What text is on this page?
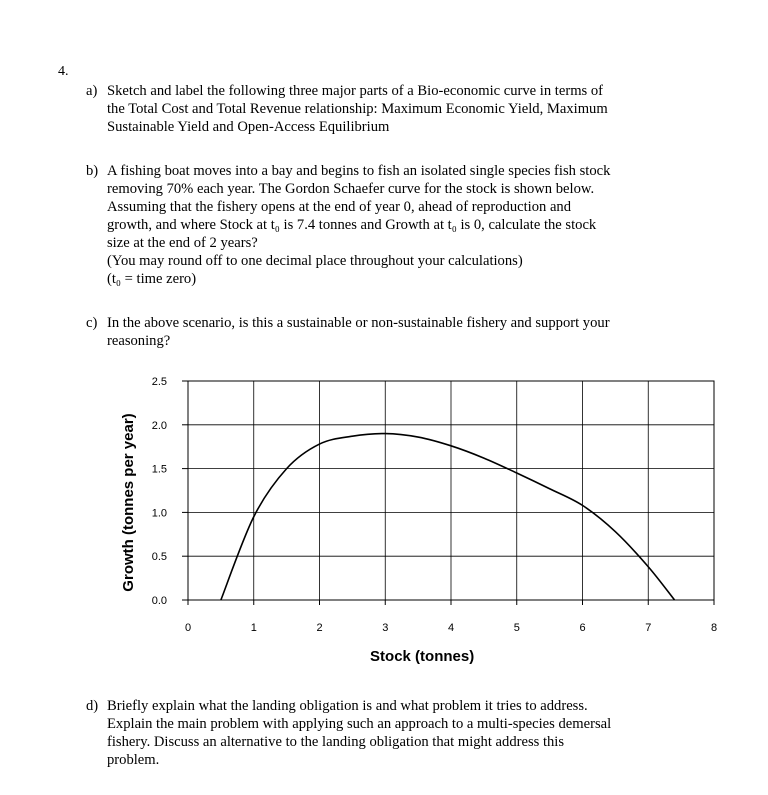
4.
a) Sketch and label the following three major parts of a Bio-economic curve in terms of
the Total Cost and Total Revenue relationship: Maximum Economic Yield, Maximum
Sustainable Yield and Open-Access Equilibrium
b) A fishing boat moves into a bay and begins to fish an isolated single species fish stock
removing 70% each year. The Gordon Schaefer curve for the stock is shown below.
Assuming that the fishery opens at the end of year 0, ahead of reproduction and
growth, and where Stock at t₀ is 7.4 tonnes and Growth at t₀ is 0, calculate the stock
size at the end of 2 years?
(You may round off to one decimal place throughout your calculations)
(t₀ = time zero)
c) In the above scenario, is this a sustainable or non-sustainable fishery and support your
reasoning?
0	1	2	3	4	5	6	7	8
0.0
0.5
1.0
1.5
2.0
2.5
Stock (tonnes)
Growth (tonnes per year)
d) Briefly explain what the landing obligation is and what problem it tries to address.
Explain the main problem with applying such an approach to a multi-species demersal
fishery. Discuss an alternative to the landing obligation that might address this
problem.
